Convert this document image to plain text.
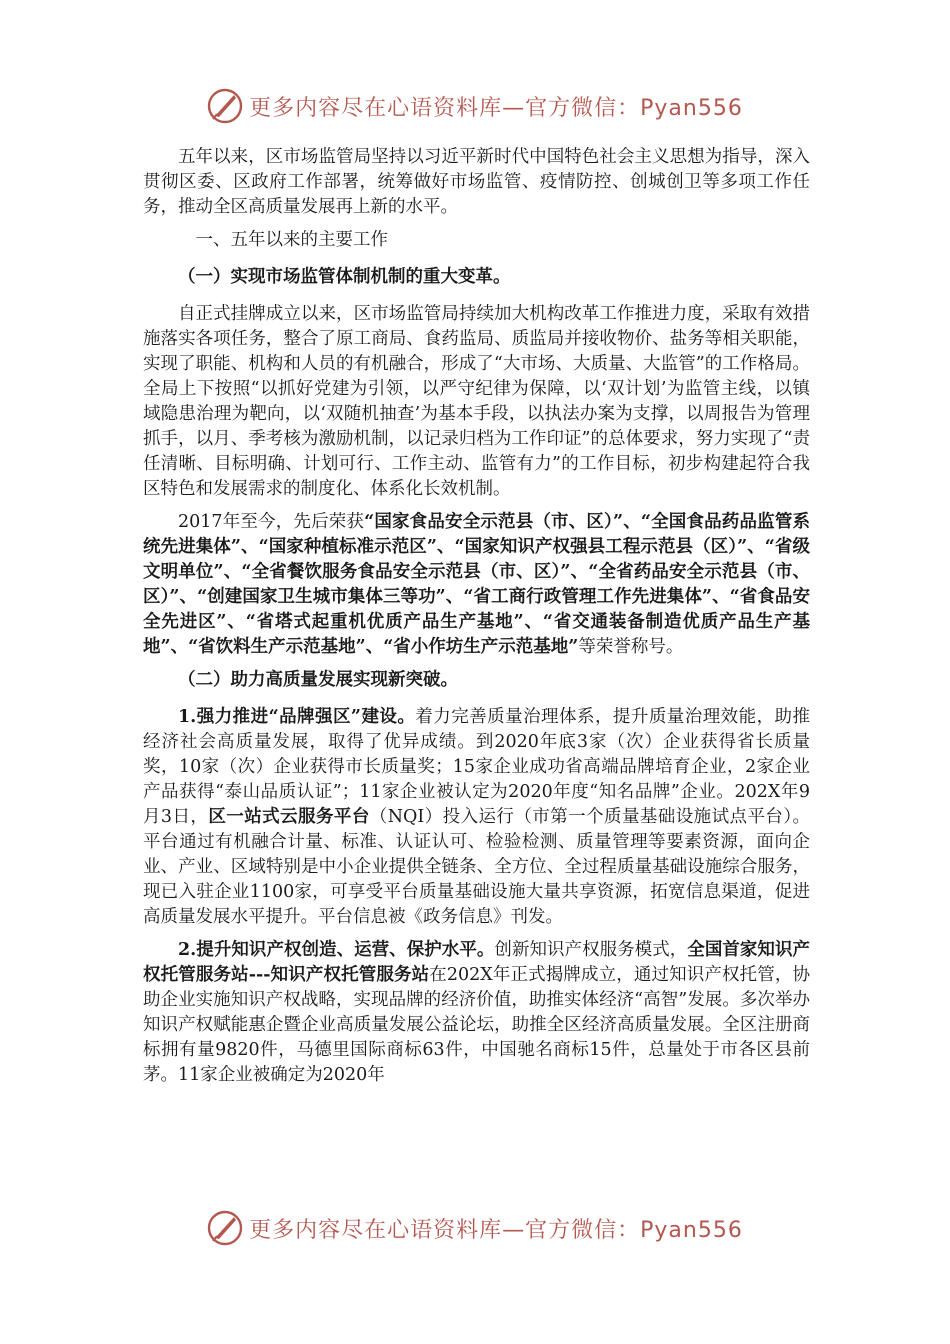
更多内容尽在心语资料库—官方微信：Pyan556

五年以来，区市场监管局坚持以习近平新时代中国特色社会主义思想为指导，深入贯彻区委、区政府工作部署，统筹做好市场监管、疫情防控、创城创卫等多项工作任务，推动全区高质量发展再上新的水平。

一、五年以来的主要工作

（一）实现市场监管体制机制的重大变革。

自正式挂牌成立以来，区市场监管局持续加大机构改革工作推进力度，采取有效措施落实各项任务，整合了原工商局、食药监局、质监局并接收物价、盐务等相关职能，实现了职能、机构和人员的有机融合，形成了“大市场、大质量、大监管”的工作格局。全局上下按照“以抓好党建为引领，以严守纪律为保障，以‘双计划’为监管主线，以镇域隐患治理为靶向，以‘双随机抽查’为基本手段，以执法办案为支撑，以周报告为管理抓手，以月、季考核为激励机制，以记录归档为工作印证”的总体要求，努力实现了“责任清晰、目标明确、计划可行、工作主动、监管有力”的工作目标，初步构建起符合我区特色和发展需求的制度化、体系化长效机制。

2017年至今，先后荣获“国家食品安全示范县（市、区）”、“全国食品药品监管系统先进集体”、“国家种植标准示范区”、“国家知识产权强县工程示范县（区）”、“省级文明单位”、“全省餐饮服务食品安全示范县（市、区）”、“全省药品安全示范县（市、区）”、“创建国家卫生城市集体三等功”、“省工商行政管理工作先进集体”、“省食品安全先进区”、“省塔式起重机优质产品生产基地”、“省交通装备制造优质产品生产基地”、“省饮料生产示范基地”、“省小作坊生产示范基地”等荣誉称号。

（二）助力高质量发展实现新突破。

1.强力推进“品牌强区”建设。着力完善质量治理体系，提升质量治理效能，助推经济社会高质量发展，取得了优异成绩。到2020年底3家（次）企业获得省长质量奖，10家（次）企业获得市长质量奖；15家企业成功省高端品牌培育企业，2家企业产品获得“泰山品质认证”；11家企业被认定为2020年度“知名品牌”企业。202X年9月3日，区一站式云服务平台（NQI）投入运行（市第一个质量基础设施试点平台）。平台通过有机融合计量、标准、认证认可、检验检测、质量管理等要素资源，面向企业、产业、区域特别是中小企业提供全链条、全方位、全过程质量基础设施综合服务，现已入驻企业1100家，可享受平台质量基础设施大量共享资源，拓宽信息渠道，促进高质量发展水平提升。平台信息被《政务信息》刊发。

2.提升知识产权创造、运营、保护水平。创新知识产权服务模式，全国首家知识产权托管服务站---知识产权托管服务站在202X年正式揭牌成立，通过知识产权托管，协助企业实施知识产权战略，实现品牌的经济价值，助推实体经济“高智”发展。多次举办知识产权赋能惠企暨企业高质量发展公益论坛，助推全区经济高质量发展。全区注册商标拥有量9820件，马德里国际商标63件，中国驰名商标15件，总量处于市各区县前茅。11家企业被确定为2020年

更多内容尽在心语资料库—官方微信：Pyan556
